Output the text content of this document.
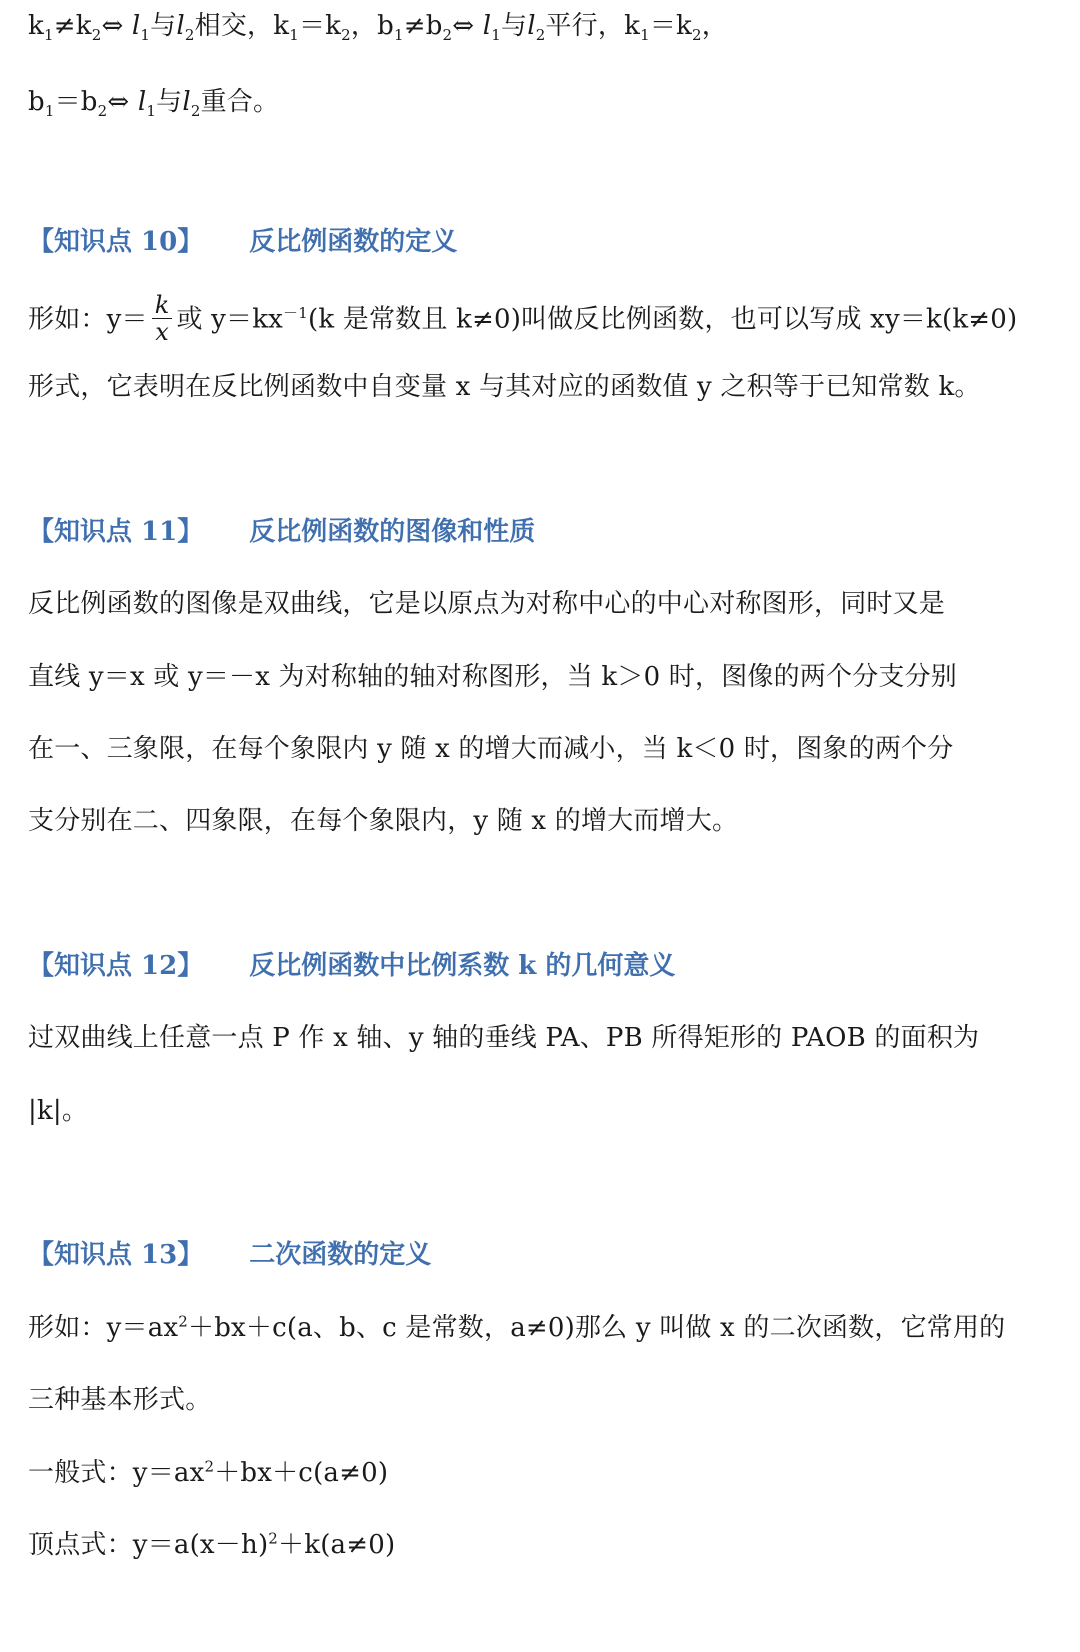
$k_1\ne k_2\Leftrightarrow$ $l_1$与$l_2$相交，$k_1=k_2$，$b_1\ne b_2\Leftrightarrow$ $l_1$与$l_2$平行，$k_1=k_2$，
$b_1=b_2\Leftrightarrow$ $l_1$与$l_2$重合。
【知识点 10】 反比例函数的定义
形如：$y= \frac{k}{x}$ 或 $y=kx^{-1}(k$ 是常数且 k≠0)叫做反比例函数，也可以写成 xy＝k(k≠0)
形式，它表明在反比例函数中自变量 x 与其对应的函数值 y 之积等于已知常数 k。
【知识点 11】 反比例函数的图像和性质
反比例函数的图像是双曲线，它是以原点为对称中心的中心对称图形，同时又是
直线 y＝x 或 y＝－x 为对称轴的轴对称图形，当 k＞0 时，图像的两个分支分别
在一、三象限，在每个象限内 y 随 x 的增大而减小，当 k＜0 时，图象的两个分
支分别在二、四象限，在每个象限内，y 随 x 的增大而增大。
【知识点 12】 反比例函数中比例系数 k 的几何意义
过双曲线上任意一点 P 作 x 轴、y 轴的垂线 PA、PB 所得矩形的 PAOB 的面积为
|k|。
【知识点 13】 二次函数的定义
形如：$y=ax^2+bx+c(a$、b、c 是常数，a≠0)那么 y 叫做 x 的二次函数，它常用的
三种基本形式。
一般式：$y=ax^2+bx+c(a\ne 0)$
顶点式：$y=a(x-h)^2+k(a\ne 0)$
